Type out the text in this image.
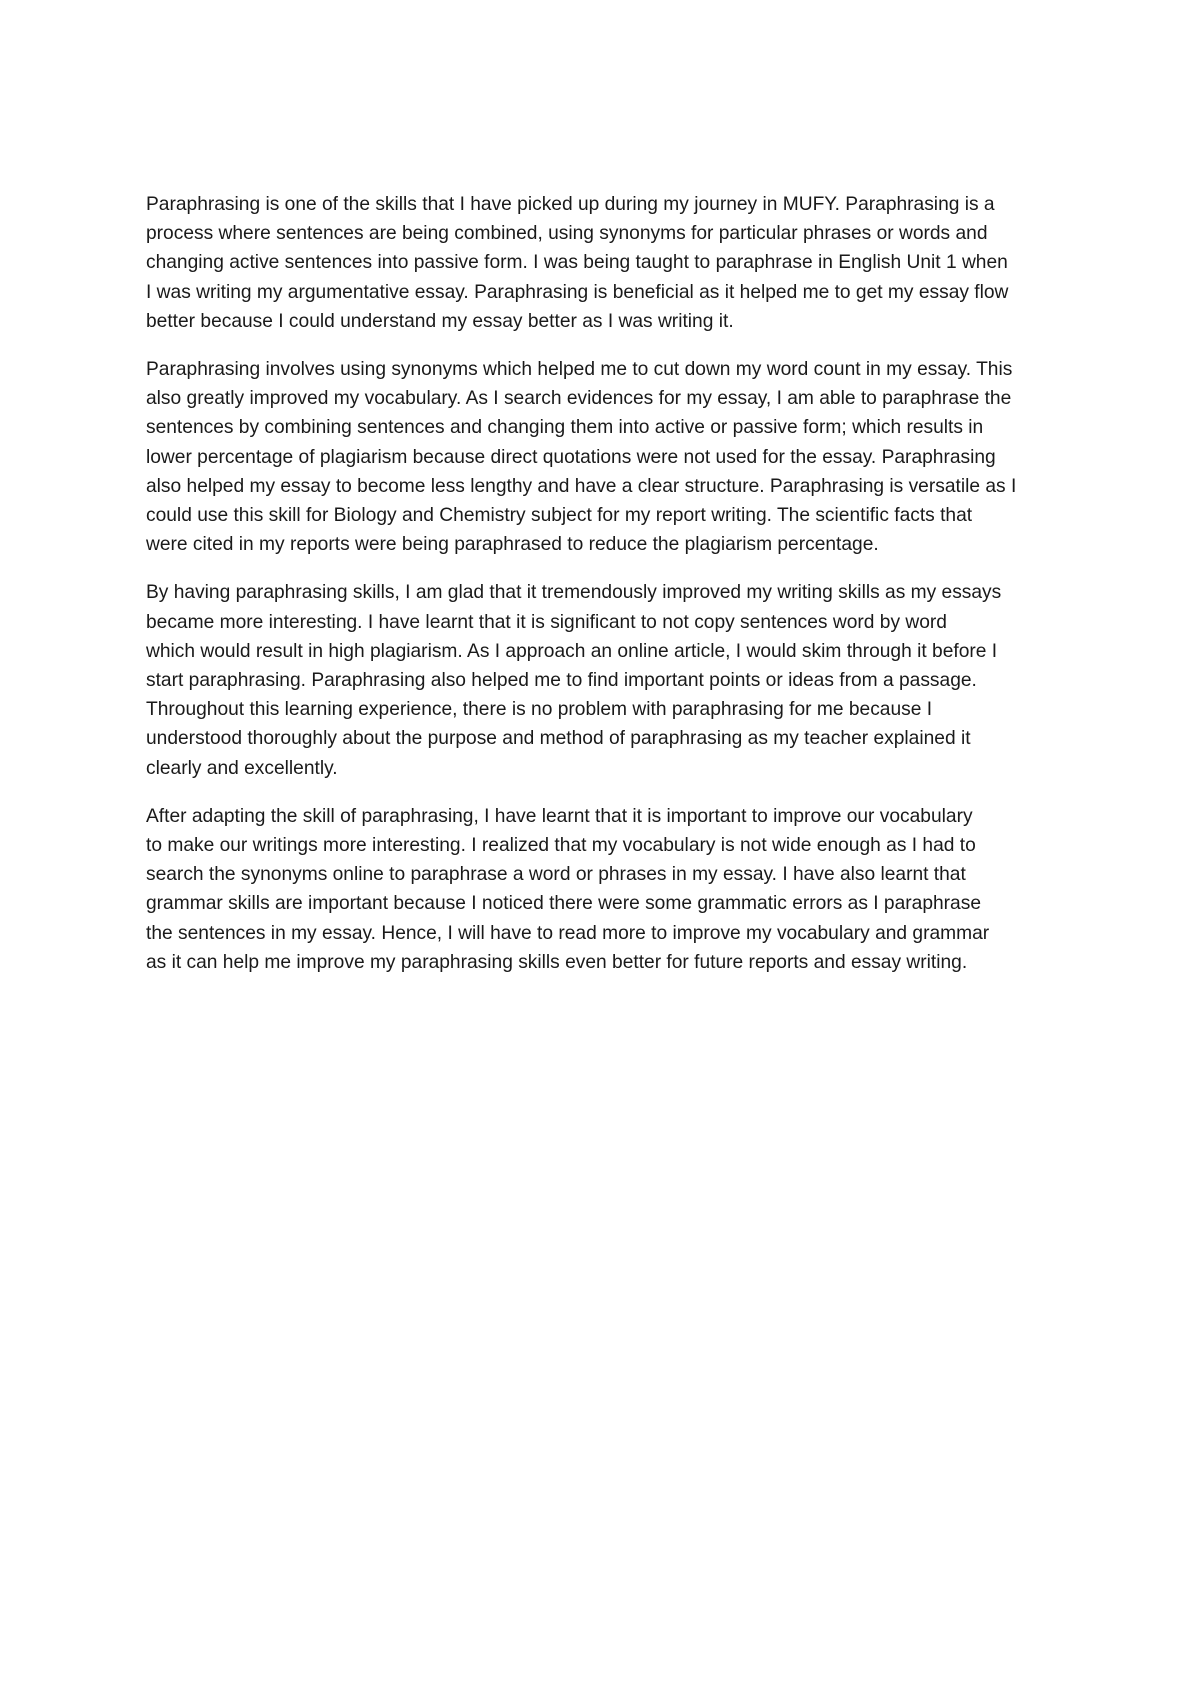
Paraphrasing is one of the skills that I have picked up during my journey in MUFY. Paraphrasing is a
process where sentences are being combined, using synonyms for particular phrases or words and
changing active sentences into passive form. I was being taught to paraphrase in English Unit 1 when
I was writing my argumentative essay. Paraphrasing is beneficial as it helped me to get my essay flow
better because I could understand my essay better as I was writing it.

Paraphrasing involves using synonyms which helped me to cut down my word count in my essay. This
also greatly improved my vocabulary. As I search evidences for my essay, I am able to paraphrase the
sentences by combining sentences and changing them into active or passive form; which results in
lower percentage of plagiarism because direct quotations were not used for the essay. Paraphrasing
also helped my essay to become less lengthy and have a clear structure. Paraphrasing is versatile as I
could use this skill for Biology and Chemistry subject for my report writing. The scientific facts that
were cited in my reports were being paraphrased to reduce the plagiarism percentage.

By having paraphrasing skills, I am glad that it tremendously improved my writing skills as my essays
became more interesting. I have learnt that it is significant to not copy sentences word by word
which would result in high plagiarism. As I approach an online article, I would skim through it before I
start paraphrasing. Paraphrasing also helped me to find important points or ideas from a passage.
Throughout this learning experience, there is no problem with paraphrasing for me because I
understood thoroughly about the purpose and method of paraphrasing as my teacher explained it
clearly and excellently.

After adapting the skill of paraphrasing, I have learnt that it is important to improve our vocabulary
to make our writings more interesting. I realized that my vocabulary is not wide enough as I had to
search the synonyms online to paraphrase a word or phrases in my essay. I have also learnt that
grammar skills are important because I noticed there were some grammatic errors as I paraphrase
the sentences in my essay. Hence, I will have to read more to improve my vocabulary and grammar
as it can help me improve my paraphrasing skills even better for future reports and essay writing.
